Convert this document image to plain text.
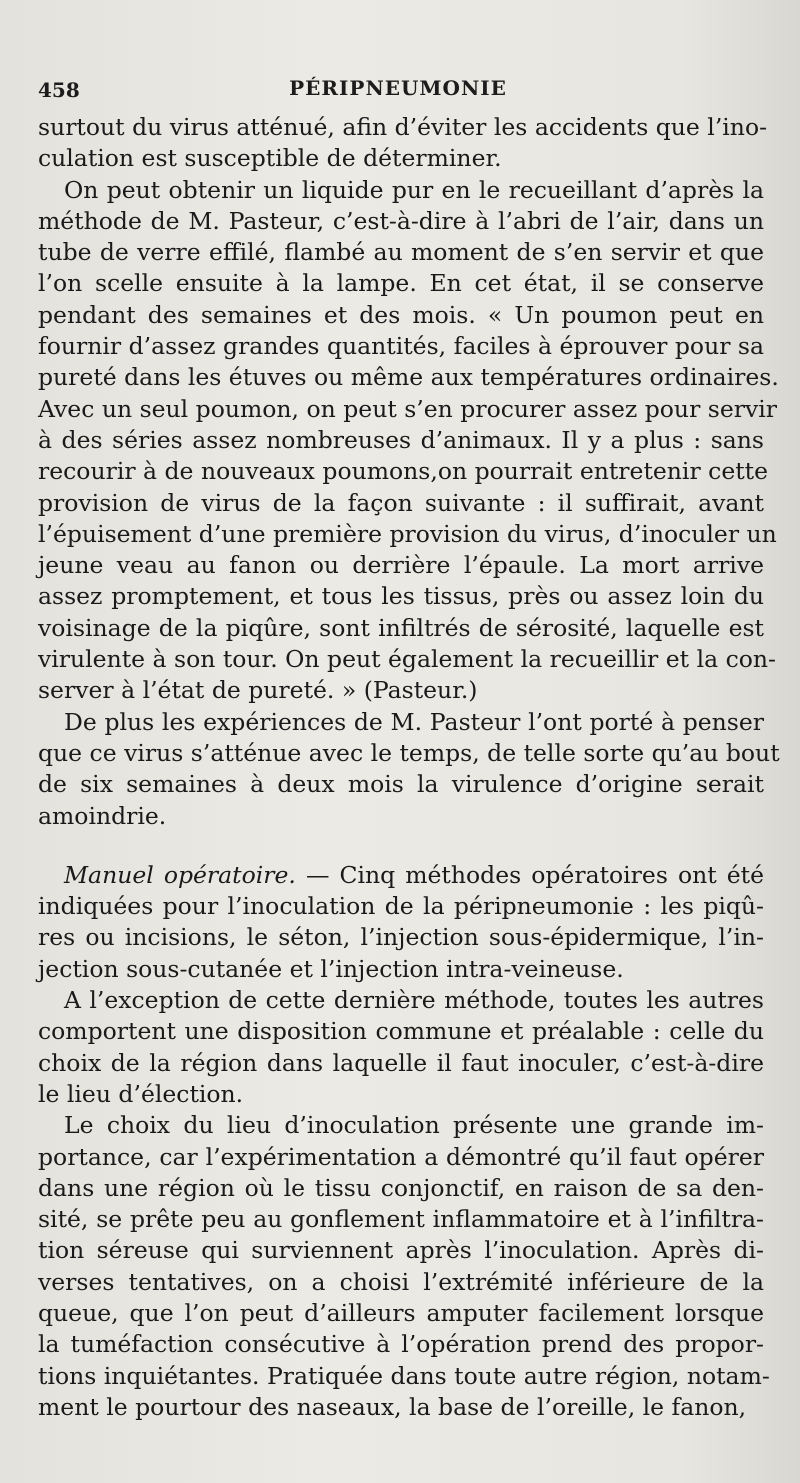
458	PÉRIPNEUMONIE
surtout du virus atténué, afin d’éviter les accidents que l’ino-
culation est susceptible de déterminer.
On peut obtenir un liquide pur en le recueillant d’après la
méthode de M. Pasteur, c’est-à-dire à l’abri de l’air, dans un
tube de verre effilé, flambé au moment de s’en servir et que
l’on scelle ensuite à la lampe. En cet état, il se conserve
pendant des semaines et des mois. « Un poumon peut en
fournir d’assez grandes quantités, faciles à éprouver pour sa
pureté dans les étuves ou même aux températures ordinaires.
Avec un seul poumon, on peut s’en procurer assez pour servir
à des séries assez nombreuses d’animaux. Il y a plus : sans
recourir à de nouveaux poumons,on pourrait entretenir cette
provision de virus de la façon suivante : il suffirait, avant
l’épuisement d’une première provision du virus, d’inoculer un
jeune veau au fanon ou derrière l’épaule. La mort arrive
assez promptement, et tous les tissus, près ou assez loin du
voisinage de la piqûre, sont infiltrés de sérosité, laquelle est
virulente à son tour. On peut également la recueillir et la con-
server à l’état de pureté. » (Pasteur.)
De plus les expériences de M. Pasteur l’ont porté à penser
que ce virus s’atténue avec le temps, de telle sorte qu’au bout
de six semaines à deux mois la virulence d’origine serait
amoindrie.
Manuel opératoire. — Cinq méthodes opératoires ont été
indiquées pour l’inoculation de la péripneumonie : les piqû-
res ou incisions, le séton, l’injection sous-épidermique, l’in-
jection sous-cutanée et l’injection intra-veineuse.
A l’exception de cette dernière méthode, toutes les autres
comportent une disposition commune et préalable : celle du
choix de la région dans laquelle il faut inoculer, c’est-à-dire
le lieu d’élection.
Le choix du lieu d’inoculation présente une grande im-
portance, car l’expérimentation a démontré qu’il faut opérer
dans une région où le tissu conjonctif, en raison de sa den-
sité, se prête peu au gonflement inflammatoire et à l’infiltra-
tion séreuse qui surviennent après l’inoculation. Après di-
verses tentatives, on a choisi l’extrémité inférieure de la
queue, que l’on peut d’ailleurs amputer facilement lorsque
la tuméfaction consécutive à l’opération prend des propor-
tions inquiétantes. Pratiquée dans toute autre région, notam-
ment le pourtour des naseaux, la base de l’oreille, le fanon,
